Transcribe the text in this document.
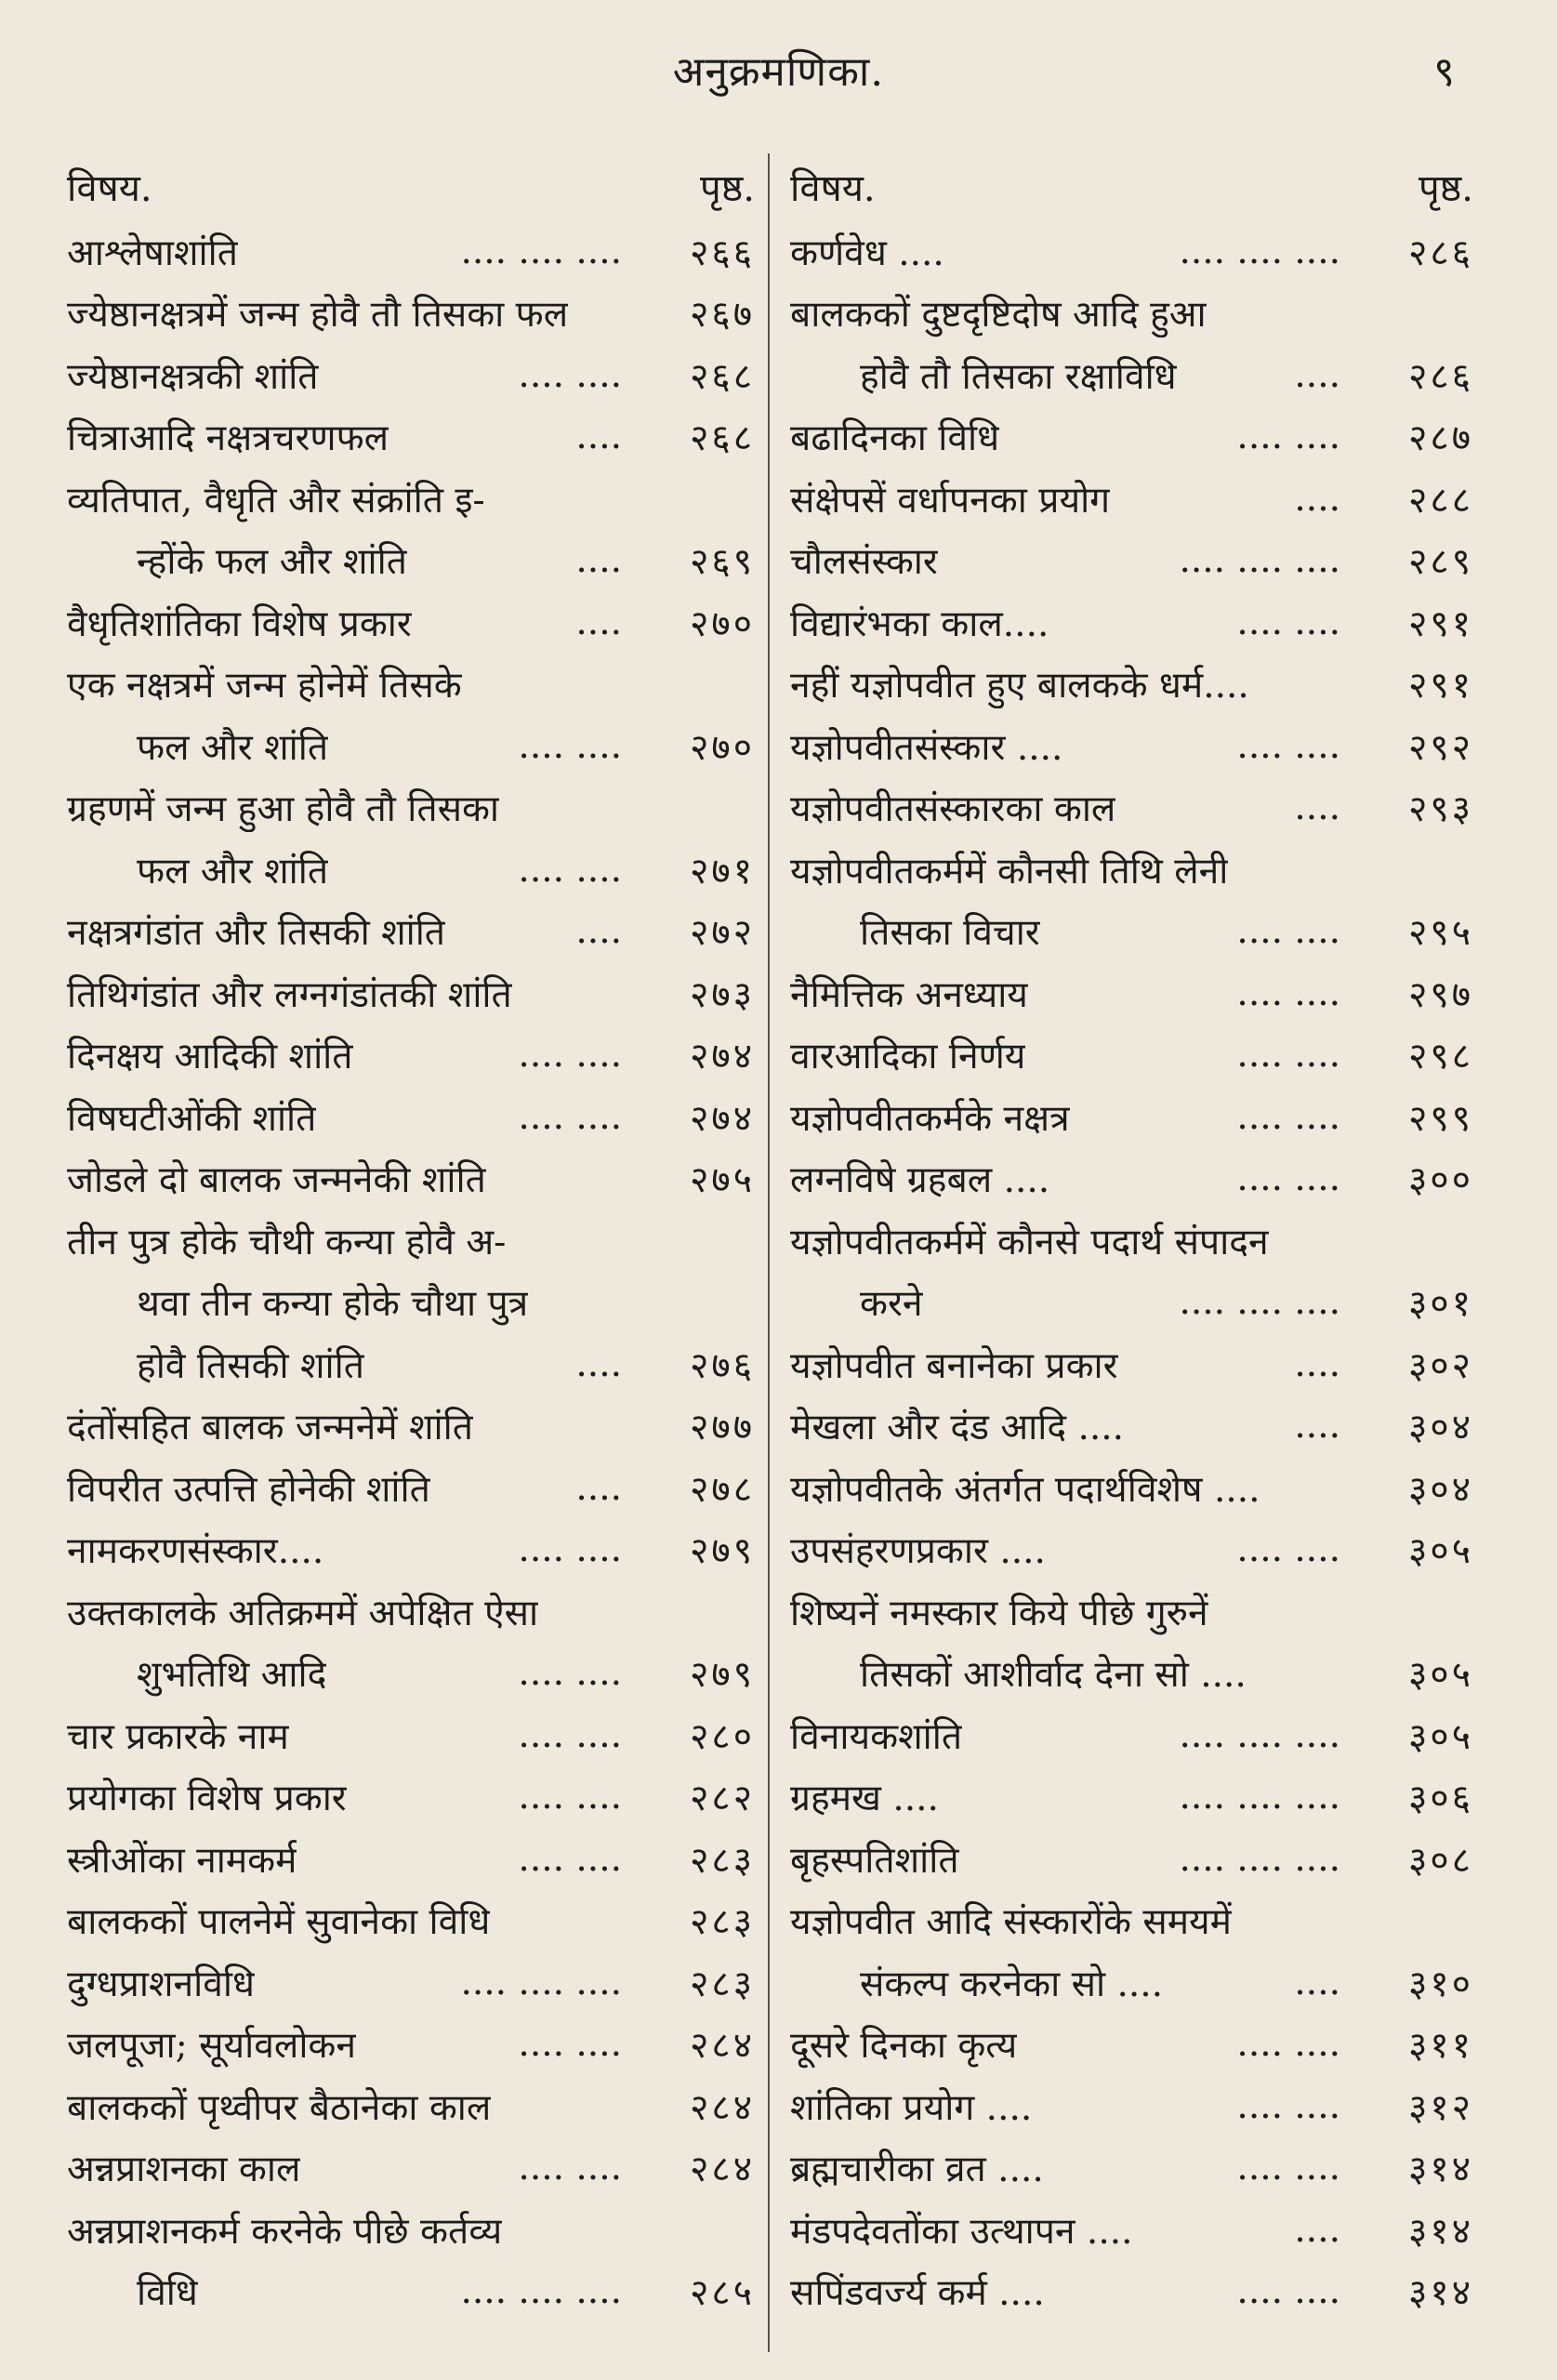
अनुक्रमणिका.	९
विषय.	पृष्ठ.
आश्लेषाशांति	.... .... ....	२६६
ज्येष्ठानक्षत्रमें जन्म होवै तौ तिसका फल	२६७
ज्येष्ठानक्षत्रकी शांति	.... ....	२६८
चित्राआदि नक्षत्रचरणफल	....	२६८
व्यतिपात, वैधृति और संक्रांति इ-
न्होंके फल और शांति	....	२६९
वैधृतिशांतिका विशेष प्रकार	....	२७०
एक नक्षत्रमें जन्म होनेमें तिसके
फल और शांति	.... ....	२७०
ग्रहणमें जन्म हुआ होवै तौ तिसका
फल और शांति	.... ....	२७१
नक्षत्रगंडांत और तिसकी शांति	....	२७२
तिथिगंडांत और लग्नगंडांतकी शांति	२७३
दिनक्षय आदिकी शांति	.... ....	२७४
विषघटीओंकी शांति	.... ....	२७४
जोडले दो बालक जन्मनेकी शांति	२७५
तीन पुत्र होके चौथी कन्या होवै अ-
थवा तीन कन्या होके चौथा पुत्र
होवै तिसकी शांति	....	२७६
दंतोंसहित बालक जन्मनेमें शांति	२७७
विपरीत उत्पत्ति होनेकी शांति	....	२७८
नामकरणसंस्कार....	.... ....	२७९
उक्तकालके अतिक्रममें अपेक्षित ऐसा
शुभतिथि आदि	.... ....	२७९
चार प्रकारके नाम	.... ....	२८०
प्रयोगका विशेष प्रकार	.... ....	२८२
स्त्रीओंका नामकर्म	.... ....	२८३
बालककों पालनेमें सुवानेका विधि	२८३
दुग्धप्राशनविधि	.... .... ....	२८३
जलपूजा; सूर्यावलोकन	.... ....	२८४
बालककों पृथ्वीपर बैठानेका काल	२८४
अन्नप्राशनका काल	.... ....	२८४
अन्नप्राशनकर्म करनेके पीछे कर्तव्य
विधि	.... .... ....	२८५
विषय.	पृष्ठ.
कर्णवेध ....	.... .... ....	२८६
बालककों दुष्टदृष्टिदोष आदि हुआ
होवै तौ तिसका रक्षाविधि	....	२८६
बढादिनका विधि	.... ....	२८७
संक्षेपसें वर्धापनका प्रयोग	....	२८८
चौलसंस्कार	.... .... ....	२८९
विद्यारंभका काल....	.... ....	२९१
नहीं यज्ञोपवीत हुए बालकके धर्म....	२९१
यज्ञोपवीतसंस्कार ....	.... ....	२९२
यज्ञोपवीतसंस्कारका काल	....	२९३
यज्ञोपवीतकर्ममें कौनसी तिथि लेनी
तिसका विचार	.... ....	२९५
नैमित्तिक अनध्याय	.... ....	२९७
वारआदिका निर्णय	.... ....	२९८
यज्ञोपवीतकर्मके नक्षत्र	.... ....	२९९
लग्नविषे ग्रहबल ....	.... ....	३००
यज्ञोपवीतकर्ममें कौनसे पदार्थ संपादन
करने	.... .... ....	३०१
यज्ञोपवीत बनानेका प्रकार	....	३०२
मेखला और दंड आदि ....	....	३०४
यज्ञोपवीतके अंतर्गत पदार्थविशेष ....	३०४
उपसंहरणप्रकार ....	.... ....	३०५
शिष्यनें नमस्कार किये पीछे गुरुनें
तिसकों आशीर्वाद देना सो ....	३०५
विनायकशांति	.... .... ....	३०५
ग्रहमख ....	.... .... ....	३०६
बृहस्पतिशांति	.... .... ....	३०८
यज्ञोपवीत आदि संस्कारोंके समयमें
संकल्प करनेका सो ....	....	३१०
दूसरे दिनका कृत्य	.... ....	३११
शांतिका प्रयोग ....	.... ....	३१२
ब्रह्मचारीका व्रत ....	.... ....	३१४
मंडपदेवतोंका उत्थापन ....	....	३१४
सपिंडवर्ज्य कर्म ....	.... ....	३१४
